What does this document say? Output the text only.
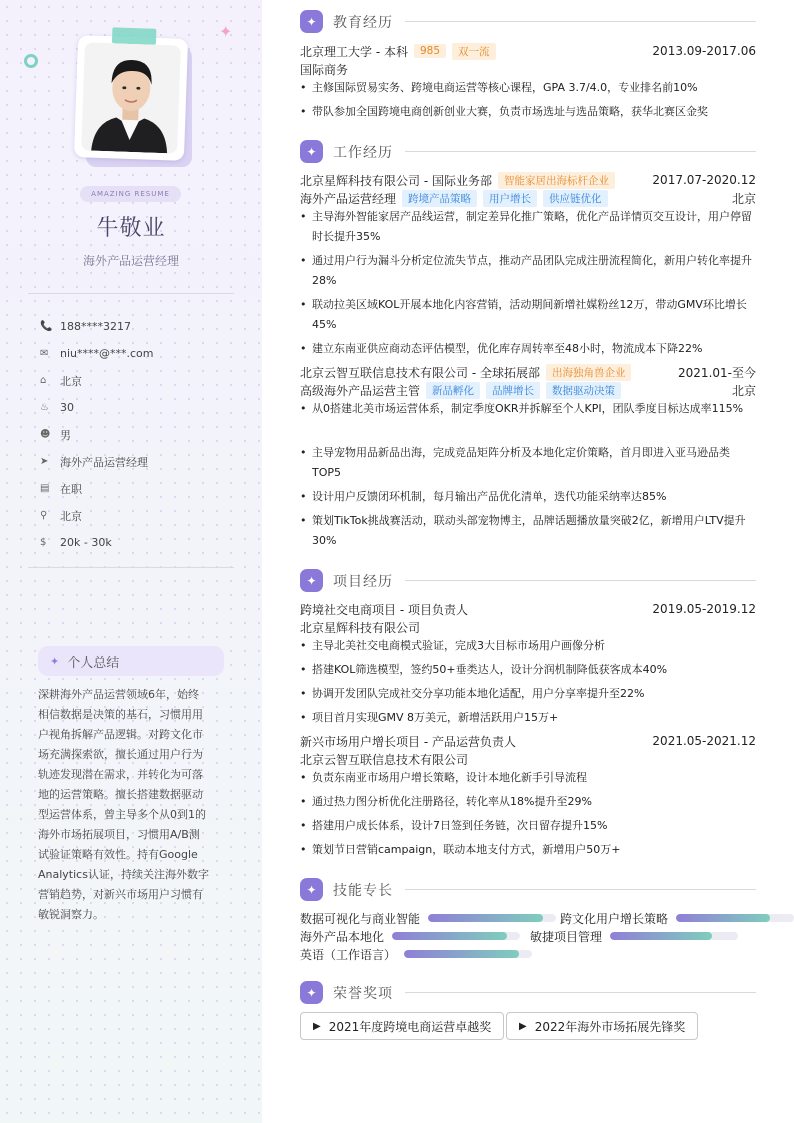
✦
AMAZING RESUME
牛敬业
海外产品运营经理
📞 188****3217
✉	niu****@***.com
⌂	北京
♨	30
☻ 男
➤	海外产品运营经理
▤ 在职
⚲	北京
$	20k - 30k
✦ 个人总结
深耕海外产品运营领域6年，始终
相信数据是决策的基石，习惯用用
户视角拆解产品逻辑。对跨文化市
场充满探索欲，擅长通过用户行为
轨迹发现潜在需求，并转化为可落
地的运营策略。擅长搭建数据驱动
型运营体系，曾主导多个从0到1的
海外市场拓展项目，习惯用A/B测
试验证策略有效性。持有Google
Analytics认证，持续关注海外数字
营销趋势，对新兴市场用户习惯有
敏锐洞察力。
✦	教育经历
北京理工大学 - 本科	985	双一流	2013.09-2017.06
国际商务
• 主修国际贸易实务、跨境电商运营等核心课程，GPA 3.7/4.0，专业排名前10%
• 带队参加全国跨境电商创新创业大赛，负责市场选址与选品策略，获华北赛区金奖
✦	工作经历
北京星辉科技有限公司 - 国际业务部	智能家居出海标杆企业	2017.07-2020.12
海外产品运营经理	跨境产品策略	用户增长	供应链优化	北京
• 主导海外智能家居产品线运营，制定差异化推广策略，优化产品详情页交互设计，用户停留时长提升35%
• 通过用户行为漏斗分析定位流失节点，推动产品团队完成注册流程简化，新用户转化率提升28%
• 联动拉美区域KOL开展本地化内容营销，活动期间新增社媒粉丝12万，带动GMV环比增长45%
• 建立东南亚供应商动态评估模型，优化库存周转率至48小时，物流成本下降22%
北京云智互联信息技术有限公司 - 全球拓展部	出海独角兽企业	2021.01-至今
高级海外产品运营主管	新品孵化	品牌增长	数据驱动决策	北京
• 从0搭建北美市场运营体系，制定季度OKR并拆解至个人KPI，团队季度目标达成率115%
• 主导宠物用品新品出海，完成竞品矩阵分析及本地化定价策略，首月即进入亚马逊品类TOP5
• 设计用户反馈闭环机制，每月输出产品优化清单，迭代功能采纳率达85%
• 策划TikTok挑战赛活动，联动头部宠物博主，品牌话题播放量突破2亿，新增用户LTV提升30%
✦	项目经历
跨境社交电商项目 - 项目负责人	2019.05-2019.12
北京星辉科技有限公司
• 主导北美社交电商模式验证，完成3大目标市场用户画像分析
• 搭建KOL筛选模型，签约50+垂类达人，设计分润机制降低获客成本40%
• 协调开发团队完成社交分享功能本地化适配，用户分享率提升至22%
• 项目首月实现GMV 8万美元，新增活跃用户15万+
新兴市场用户增长项目 - 产品运营负责人	2021.05-2021.12
北京云智互联信息技术有限公司
• 负责东南亚市场用户增长策略，设计本地化新手引导流程
• 通过热力图分析优化注册路径，转化率从18%提升至29%
• 搭建用户成长体系，设计7日签到任务链，次日留存提升15%
• 策划节日营销campaign，联动本地支付方式，新增用户50万+
✦	技能专长
数据可视化与商业智能	跨文化用户增长策略
海外产品本地化	敏捷项目管理
英语（工作语言）
✦	荣誉奖项
▶ 2021年度跨境电商运营卓越奖	▶ 2022年海外市场拓展先锋奖
